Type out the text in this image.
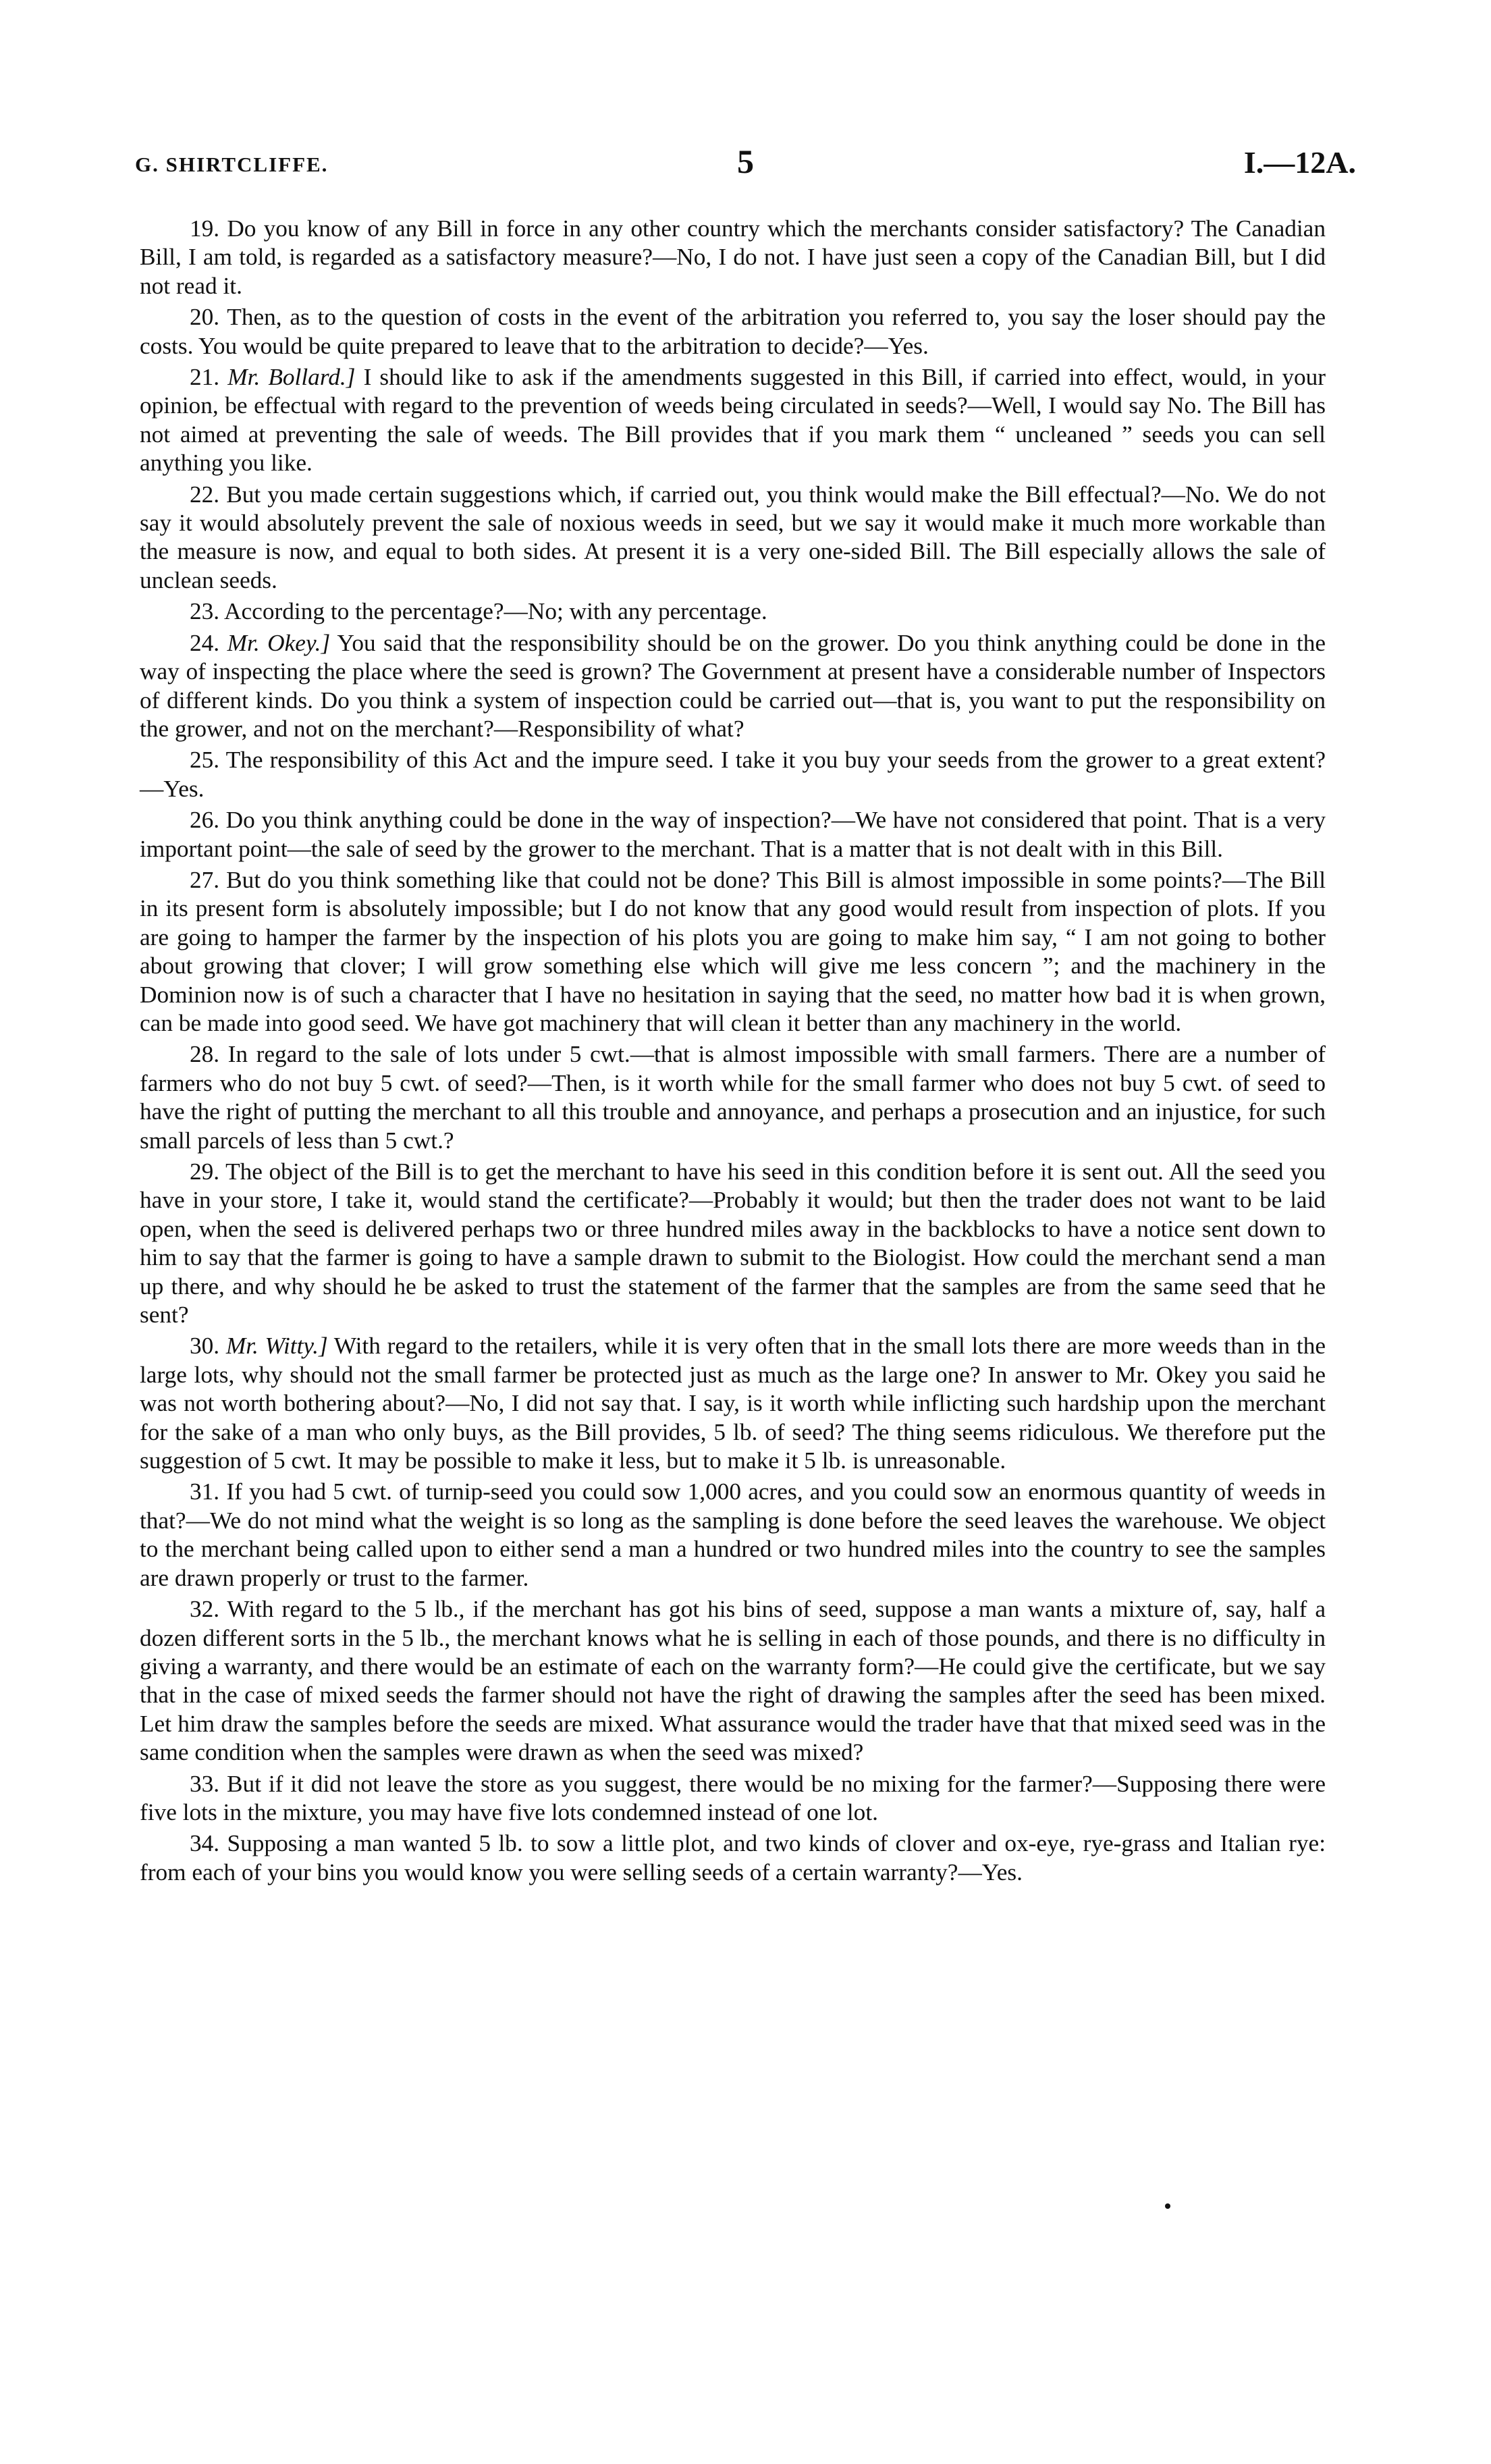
G. SHIRTCLIFFE.	5	I.—12A.

19. Do you know of any Bill in force in any other country which the merchants consider satisfactory? The Canadian Bill, I am told, is regarded as a satisfactory measure?—No, I do not. I have just seen a copy of the Canadian Bill, but I did not read it.

20. Then, as to the question of costs in the event of the arbitration you referred to, you say the loser should pay the costs. You would be quite prepared to leave that to the arbitration to decide?—Yes.

21. Mr. Bollard.] I should like to ask if the amendments suggested in this Bill, if carried into effect, would, in your opinion, be effectual with regard to the prevention of weeds being circulated in seeds?—Well, I would say No. The Bill has not aimed at preventing the sale of weeds. The Bill provides that if you mark them “ uncleaned ” seeds you can sell anything you like.

22. But you made certain suggestions which, if carried out, you think would make the Bill effectual?—No. We do not say it would absolutely prevent the sale of noxious weeds in seed, but we say it would make it much more workable than the measure is now, and equal to both sides. At present it is a very one-sided Bill. The Bill especially allows the sale of unclean seeds.

23. According to the percentage?—No; with any percentage.

24. Mr. Okey.] You said that the responsibility should be on the grower. Do you think anything could be done in the way of inspecting the place where the seed is grown? The Government at present have a considerable number of Inspectors of different kinds. Do you think a system of inspection could be carried out—that is, you want to put the responsibility on the grower, and not on the merchant?—Responsibility of what?

25. The responsibility of this Act and the impure seed. I take it you buy your seeds from the grower to a great extent?—Yes.

26. Do you think anything could be done in the way of inspection?—We have not considered that point. That is a very important point—the sale of seed by the grower to the merchant. That is a matter that is not dealt with in this Bill.

27. But do you think something like that could not be done? This Bill is almost impossible in some points?—The Bill in its present form is absolutely impossible; but I do not know that any good would result from inspection of plots. If you are going to hamper the farmer by the inspection of his plots you are going to make him say, “ I am not going to bother about growing that clover; I will grow something else which will give me less concern ”; and the machinery in the Dominion now is of such a character that I have no hesitation in saying that the seed, no matter how bad it is when grown, can be made into good seed. We have got machinery that will clean it better than any machinery in the world.

28. In regard to the sale of lots under 5 cwt.—that is almost impossible with small farmers. There are a number of farmers who do not buy 5 cwt. of seed?—Then, is it worth while for the small farmer who does not buy 5 cwt. of seed to have the right of putting the merchant to all this trouble and annoyance, and perhaps a prosecution and an injustice, for such small parcels of less than 5 cwt.?

29. The object of the Bill is to get the merchant to have his seed in this condition before it is sent out. All the seed you have in your store, I take it, would stand the certificate?—Probably it would; but then the trader does not want to be laid open, when the seed is delivered perhaps two or three hundred miles away in the backblocks to have a notice sent down to him to say that the farmer is going to have a sample drawn to submit to the Biologist. How could the merchant send a man up there, and why should he be asked to trust the statement of the farmer that the samples are from the same seed that he sent?

30. Mr. Witty.] With regard to the retailers, while it is very often that in the small lots there are more weeds than in the large lots, why should not the small farmer be protected just as much as the large one? In answer to Mr. Okey you said he was not worth bothering about?—No, I did not say that. I say, is it worth while inflicting such hardship upon the merchant for the sake of a man who only buys, as the Bill provides, 5 lb. of seed? The thing seems ridiculous. We therefore put the suggestion of 5 cwt. It may be possible to make it less, but to make it 5 lb. is unreasonable.

31. If you had 5 cwt. of turnip-seed you could sow 1,000 acres, and you could sow an enormous quantity of weeds in that?—We do not mind what the weight is so long as the sampling is done before the seed leaves the warehouse. We object to the merchant being called upon to either send a man a hundred or two hundred miles into the country to see the samples are drawn properly or trust to the farmer.

32. With regard to the 5 lb., if the merchant has got his bins of seed, suppose a man wants a mixture of, say, half a dozen different sorts in the 5 lb., the merchant knows what he is selling in each of those pounds, and there is no difficulty in giving a warranty, and there would be an estimate of each on the warranty form?—He could give the certificate, but we say that in the case of mixed seeds the farmer should not have the right of drawing the samples after the seed has been mixed. Let him draw the samples before the seeds are mixed. What assurance would the trader have that that mixed seed was in the same condition when the samples were drawn as when the seed was mixed?

33. But if it did not leave the store as you suggest, there would be no mixing for the farmer?—Supposing there were five lots in the mixture, you may have five lots condemned instead of one lot.

34. Supposing a man wanted 5 lb. to sow a little plot, and two kinds of clover and ox-eye, rye-grass and Italian rye: from each of your bins you would know you were selling seeds of a certain warranty?—Yes.
